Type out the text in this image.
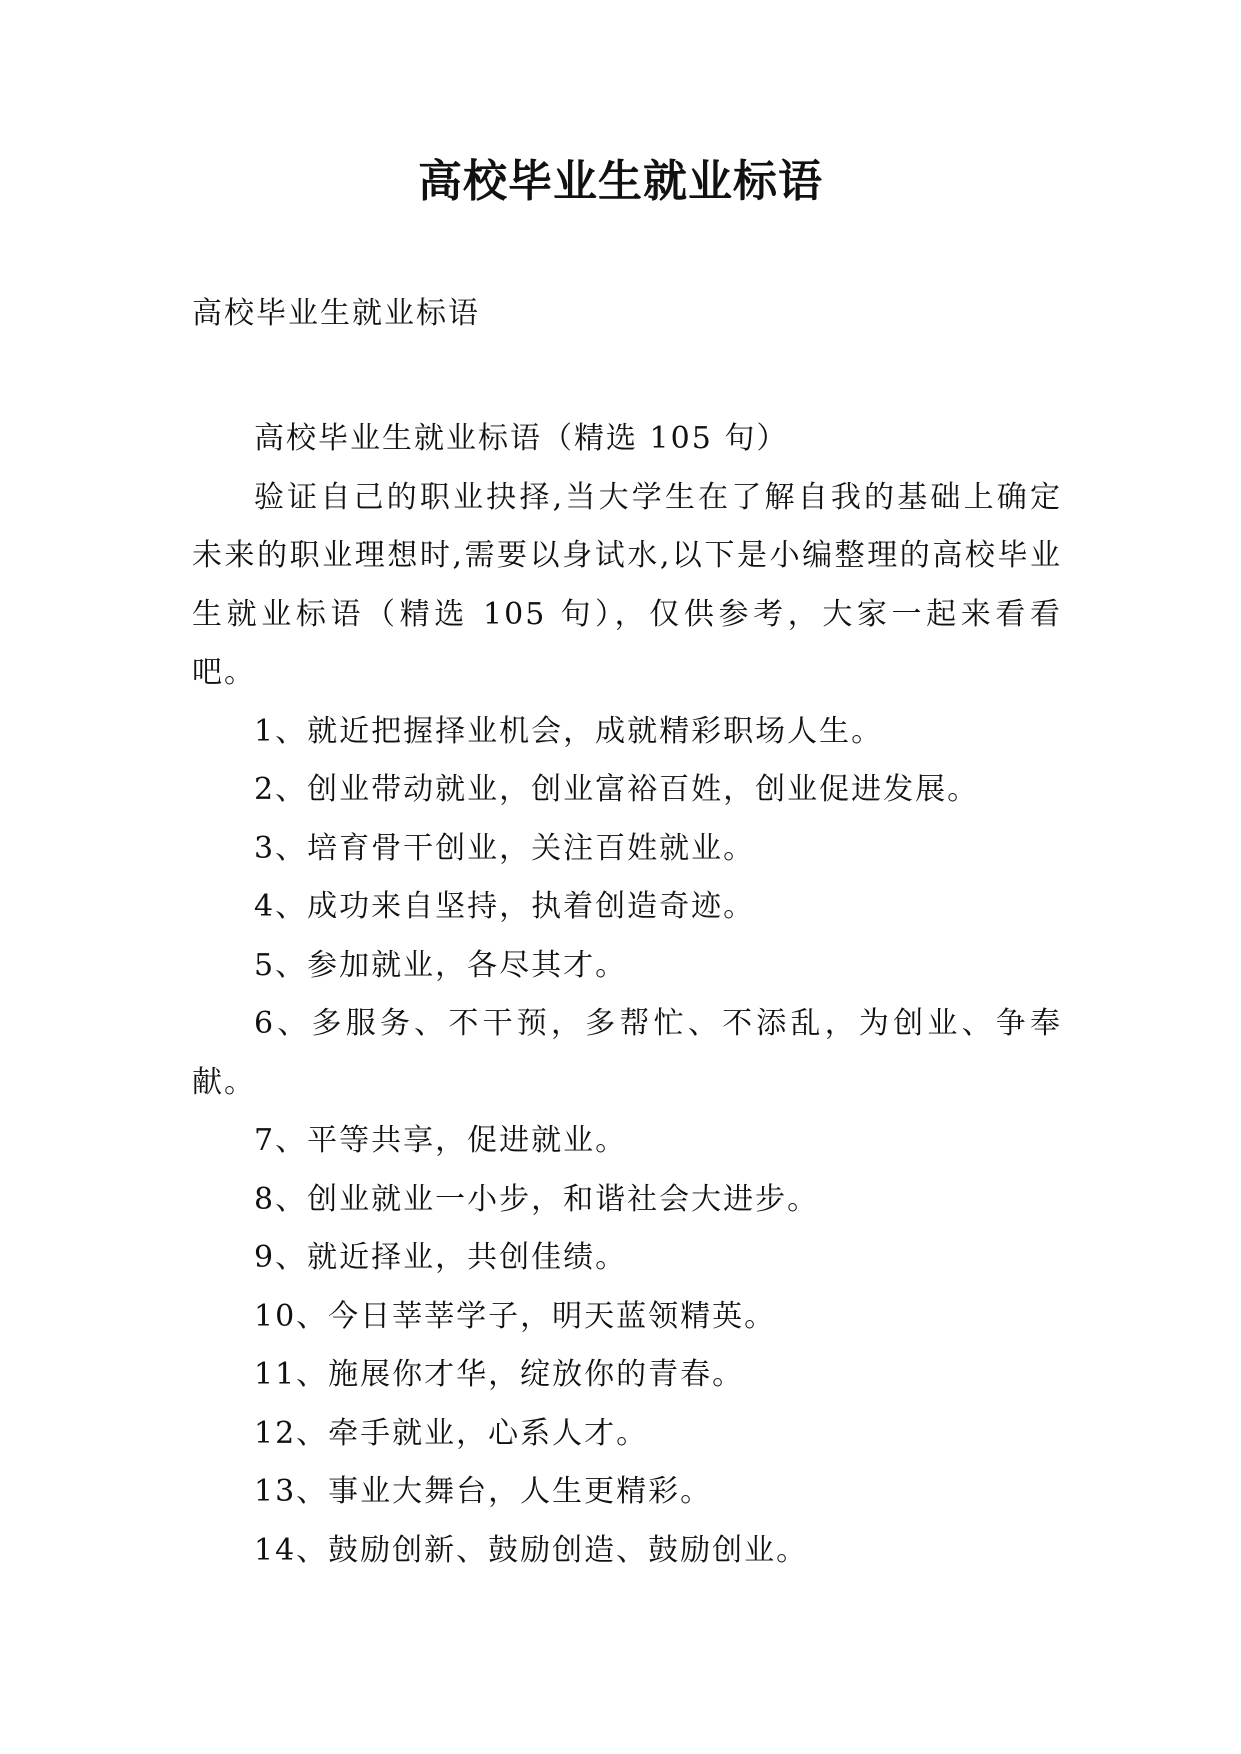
高校毕业生就业标语
高校毕业生就业标语

高校毕业生就业标语（精选 105 句）

验证自己的职业抉择,当大学生在了解自我的基础上确定未来的职业理想时,需要以身试水,以下是小编整理的高校毕业生就业标语（精选 105 句），仅供参考，大家一起来看看吧。

1、就近把握择业机会，成就精彩职场人生。

2、创业带动就业，创业富裕百姓，创业促进发展。

3、培育骨干创业，关注百姓就业。

4、成功来自坚持，执着创造奇迹。

5、参加就业，各尽其才。

6、多服务、不干预，多帮忙、不添乱，为创业、争奉献。

7、平等共享，促进就业。

8、创业就业一小步，和谐社会大进步。

9、就近择业，共创佳绩。

10、今日莘莘学子，明天蓝领精英。

11、施展你才华，绽放你的青春。

12、牵手就业，心系人才。

13、事业大舞台，人生更精彩。

14、鼓励创新、鼓励创造、鼓励创业。
